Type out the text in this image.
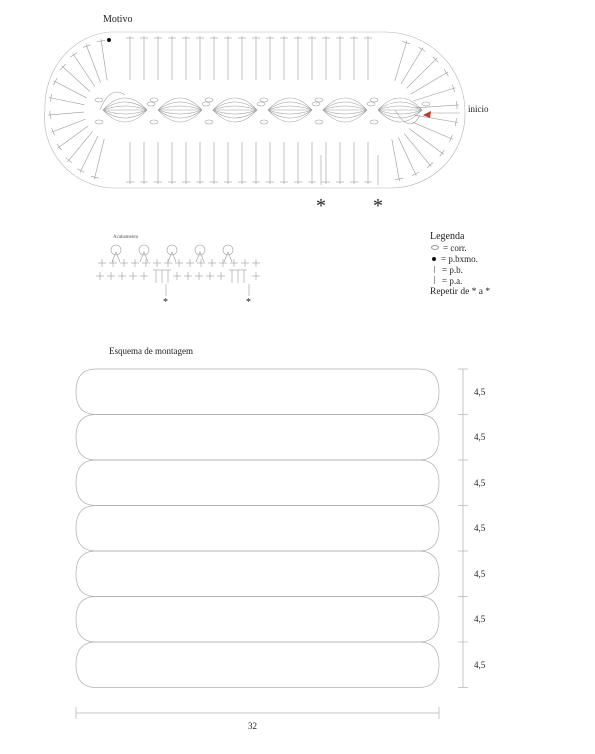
Motivo
inicio
* *
Acabamento
*	*
Legenda
= corr.
= p.bxmo.
= p.b.
= p.a.
Repetir de * a *
Esquema de montagem
4,5
4,5
4,5
4,5
4,5
4,5
4,5
32
